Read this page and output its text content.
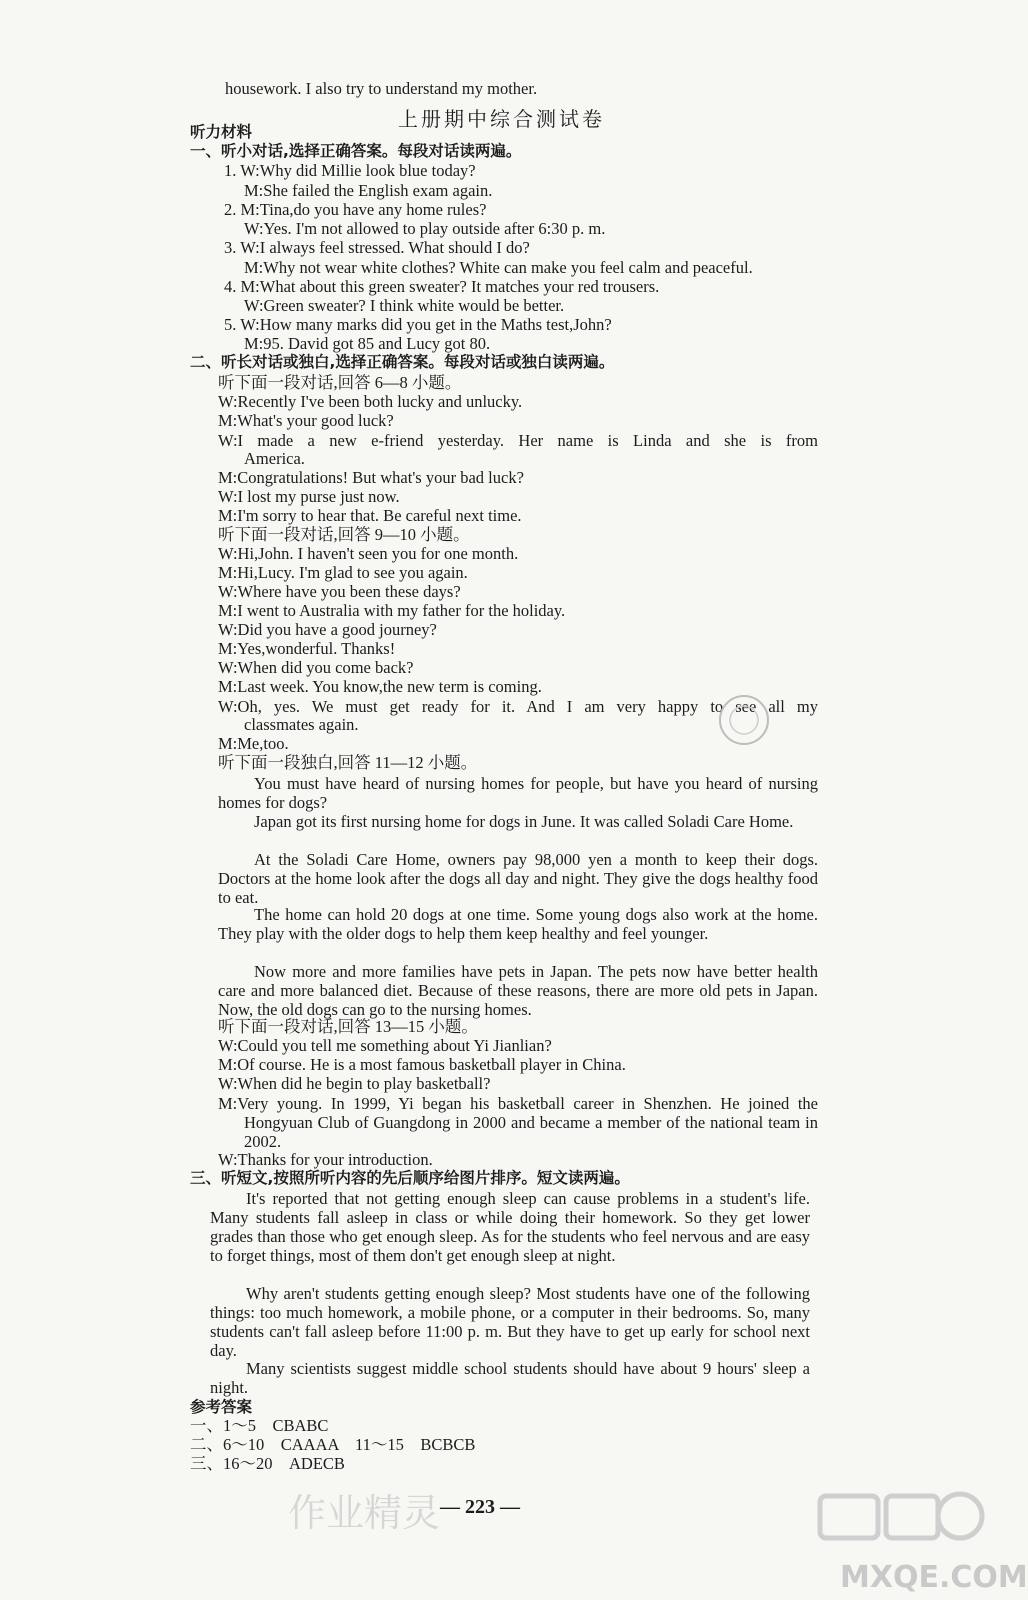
housework. I also try to understand my mother.
上册期中综合测试卷
听力材料
一、听小对话,选择正确答案。每段对话读两遍。
1. W:Why did Millie look blue today?
M:She failed the English exam again.
2. M:Tina,do you have any home rules?
W:Yes. I'm not allowed to play outside after 6:30 p. m.
3. W:I always feel stressed. What should I do?
M:Why not wear white clothes? White can make you feel calm and peaceful.
4. M:What about this green sweater? It matches your red trousers.
W:Green sweater? I think white would be better.
5. W:How many marks did you get in the Maths test,John?
M:95. David got 85 and Lucy got 80.
二、听长对话或独白,选择正确答案。每段对话或独白读两遍。
听下面一段对话,回答 6—8 小题。
W:Recently I've been both lucky and unlucky.
M:What's your good luck?
W:I made a new e-friend yesterday. Her name is Linda and she is from
America.
M:Congratulations! But what's your bad luck?
W:I lost my purse just now.
M:I'm sorry to hear that. Be careful next time.
听下面一段对话,回答 9—10 小题。
W:Hi,John. I haven't seen you for one month.
M:Hi,Lucy. I'm glad to see you again.
W:Where have you been these days?
M:I went to Australia with my father for the holiday.
W:Did you have a good journey?
M:Yes,wonderful. Thanks!
W:When did you come back?
M:Last week. You know,the new term is coming.
W:Oh, yes. We must get ready for it. And I am very happy to see all my
classmates again.
M:Me,too.
听下面一段独白,回答 11—12 小题。
You must have heard of nursing homes for people, but have you heard of nursing homes for dogs?
Japan got its first nursing home for dogs in June. It was called Soladi Care Home.
At the Soladi Care Home, owners pay 98,000 yen a month to keep their dogs. Doctors at the home look after the dogs all day and night. They give the dogs healthy food to eat.
The home can hold 20 dogs at one time. Some young dogs also work at the home. They play with the older dogs to help them keep healthy and feel younger.
Now more and more families have pets in Japan. The pets now have better health care and more balanced diet. Because of these reasons, there are more old pets in Japan. Now, the old dogs can go to the nursing homes.
听下面一段对话,回答 13—15 小题。
W:Could you tell me something about Yi Jianlian?
M:Of course. He is a most famous basketball player in China.
W:When did he begin to play basketball?
M:Very young. In 1999, Yi began his basketball career in Shenzhen. He joined the Hongyuan Club of Guangdong in 2000 and became a member of the national team in 2002.
W:Thanks for your introduction.
三、听短文,按照所听内容的先后顺序给图片排序。短文读两遍。
It's reported that not getting enough sleep can cause problems in a student's life. Many students fall asleep in class or while doing their homework. So they get lower grades than those who get enough sleep. As for the students who feel nervous and are easy to forget things, most of them don't get enough sleep at night.
Why aren't students getting enough sleep? Most students have one of the following things: too much homework, a mobile phone, or a computer in their bedrooms. So, many students can't fall asleep before 11:00 p. m. But they have to get up early for school next day.
Many scientists suggest middle school students should have about 9 hours' sleep a night.
参考答案
一、1～5　CBABC
二、6～10　CAAAA　11～15　BCBCB
三、16～20　ADECB
— 223 —
作业精灵
MXQE.COM
